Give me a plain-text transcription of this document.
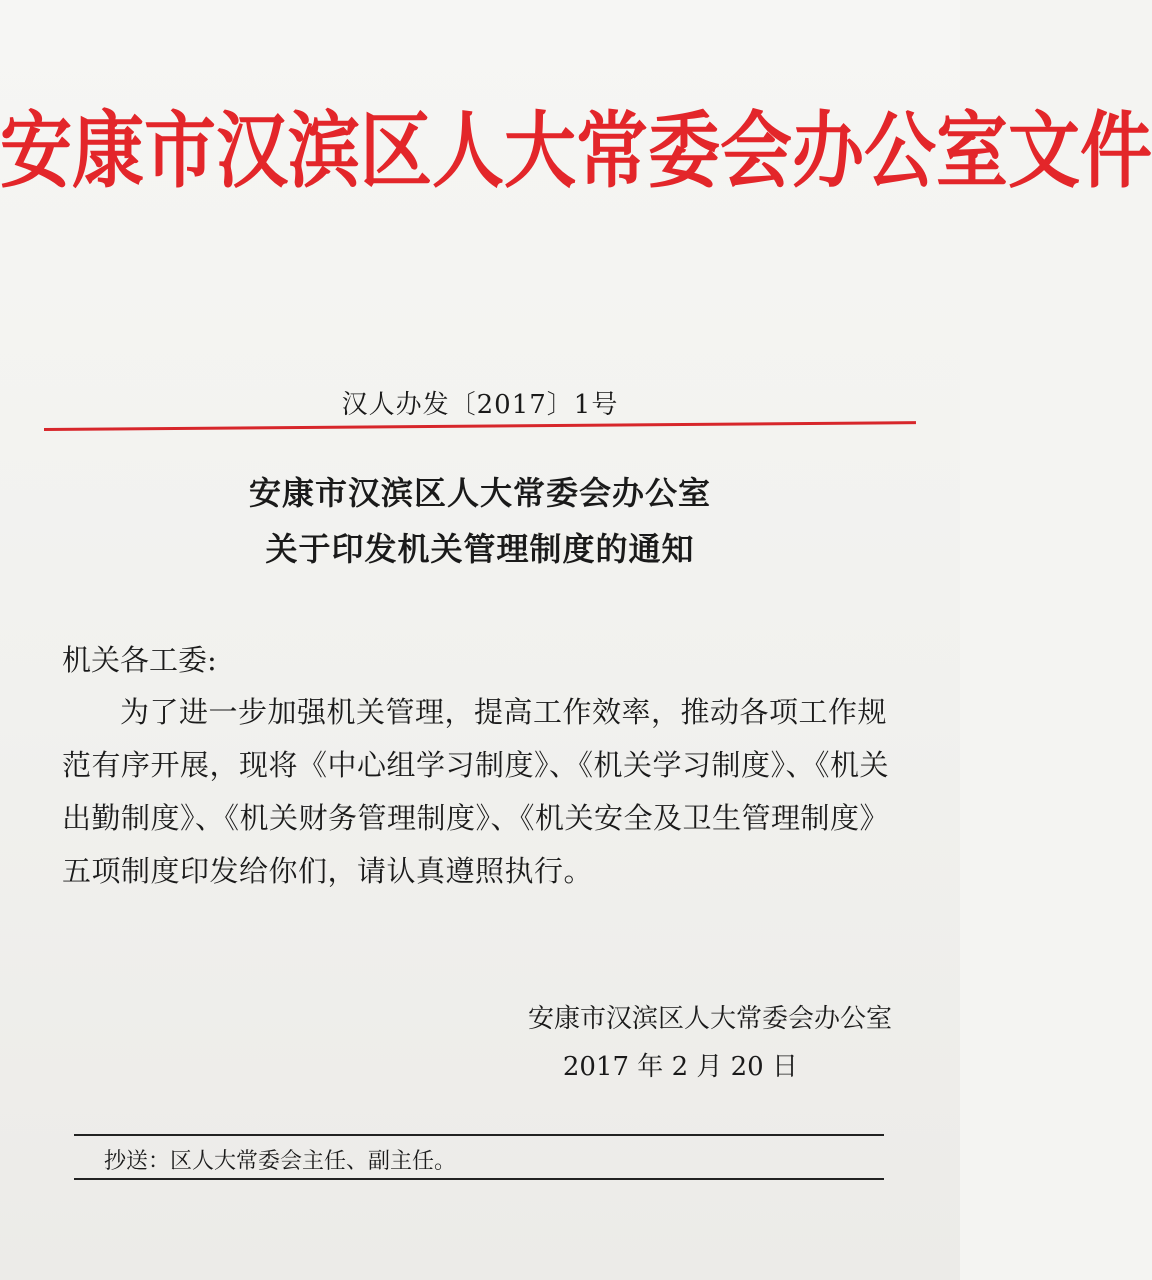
安康市汉滨区人大常委会办公室文件
汉人办发〔2017〕1号
安康市汉滨区人大常委会办公室
关于印发机关管理制度的通知
机关各工委:
为了进一步加强机关管理，提高工作效率，推动各项工作规范有序开展，现将《中心组学习制度》、《机关学习制度》、《机关出勤制度》、《机关财务管理制度》、《机关安全及卫生管理制度》五项制度印发给你们，请认真遵照执行。
安康市汉滨区人大常委会办公室
2017 年 2 月 20 日
抄送：区人大常委会主任、副主任。
